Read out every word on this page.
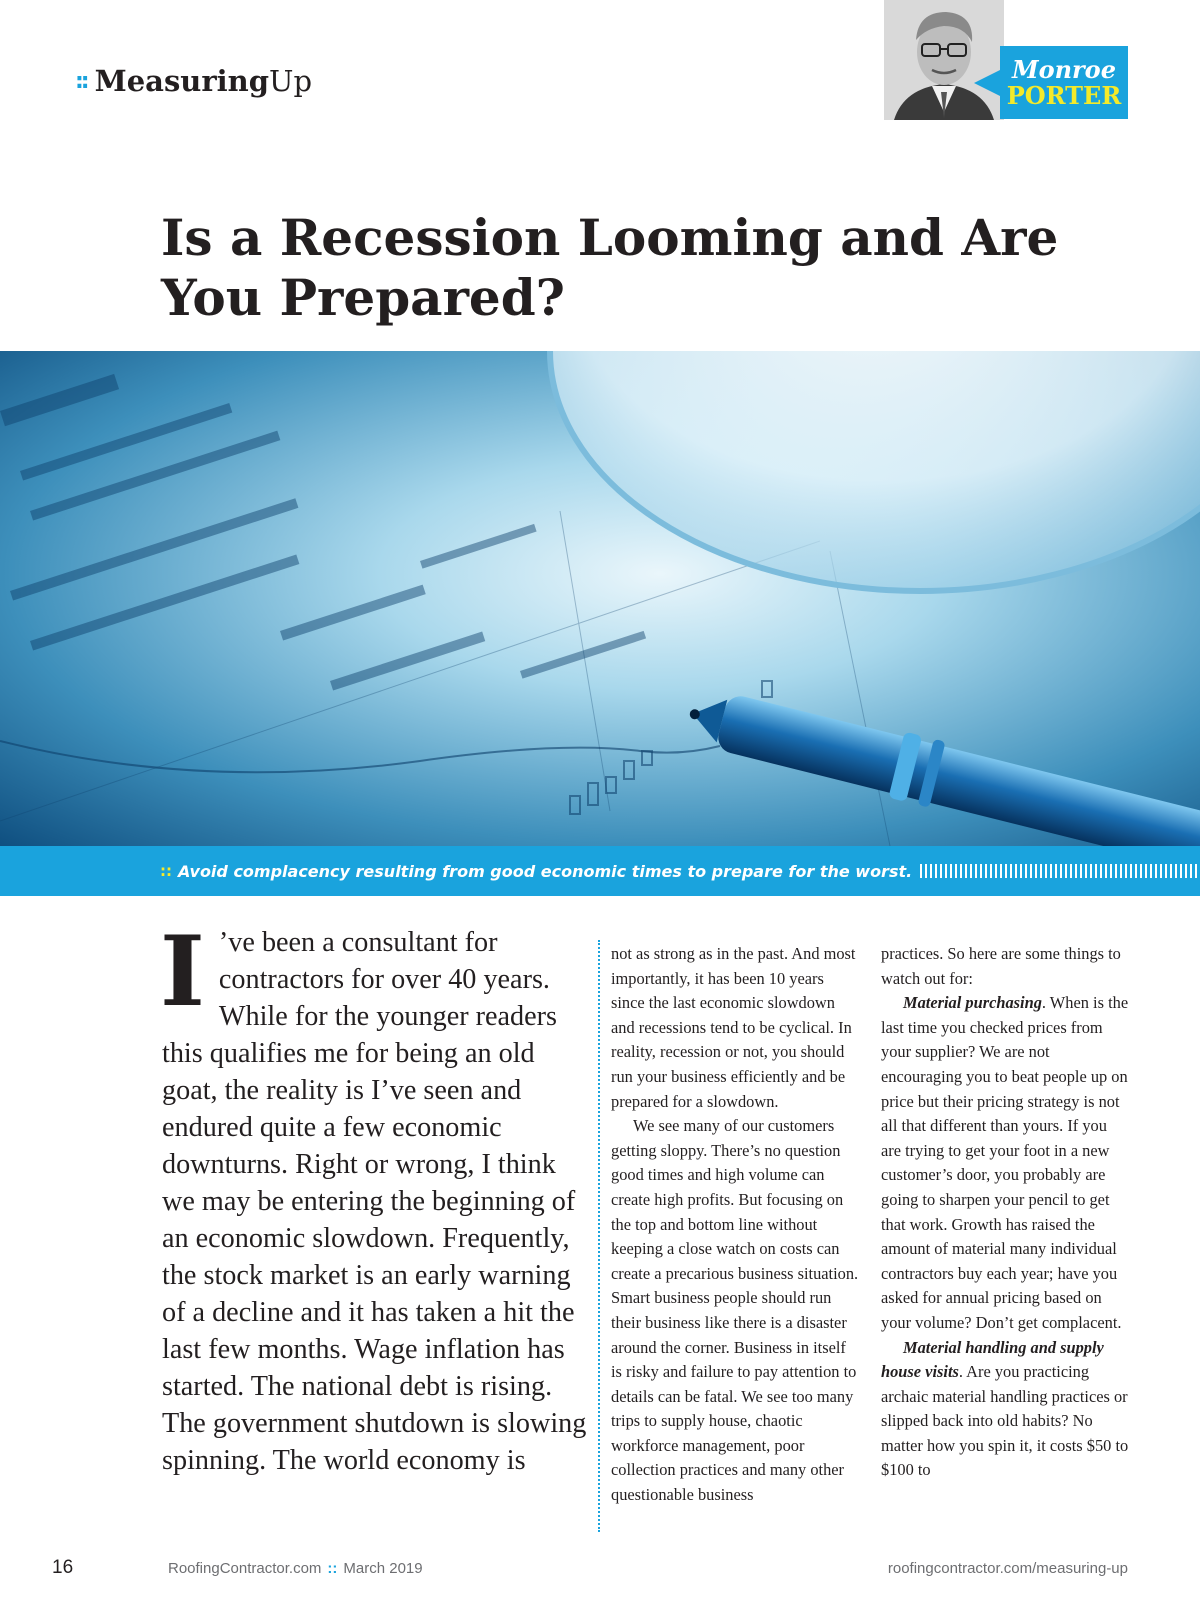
:: Measuring Up	Monroe
PORTER
Is a Recession Looming and Are You Prepared?
:: Avoid complacency resulting from good economic times to prepare for the worst.
I ’ve been a consultant for contractors for over 40 years. While for the younger readers this qualifies me for being an old goat, the reality is I’ve seen and endured quite a few economic downturns. Right or wrong, I think we may be entering the beginning of an economic slowdown. Frequently, the stock market is an early warning of a decline and it has taken a hit the last few months. Wage inflation has started. The national debt is rising. The government shutdown is slowing spinning. The world economy is

not as strong as in the past. And most importantly, it has been 10 years since the last economic slowdown and recessions tend to be cyclical. In reality, recession or not, you should run your business efficiently and be prepared for a slowdown.

We see many of our customers getting sloppy. There’s no question good times and high volume can create high profits. But focusing on the top and bottom line without keeping a close watch on costs can create a precarious business situation. Smart business people should run their business like there is a disaster around the corner. Business in itself is risky and failure to pay attention to details can be fatal. We see too many trips to supply house, chaotic workforce management, poor collection practices and many other questionable business

practices. So here are some things to watch out for:

Material purchasing. When is the last time you checked prices from your supplier? We are not encouraging you to beat people up on price but their pricing strategy is not all that different than yours. If you are trying to get your foot in a new customer’s door, you probably are going to sharpen your pencil to get that work. Growth has raised the amount of material many individual contractors buy each year; have you asked for annual pricing based on your volume? Don’t get complacent.

Material handling and supply house visits. Are you practicing archaic material handling practices or slipped back into old habits? No matter how you spin it, it costs $50 to $100 to

16	RoofingContractor.com :: March 2019	roofingcontractor.com/measuring-up
